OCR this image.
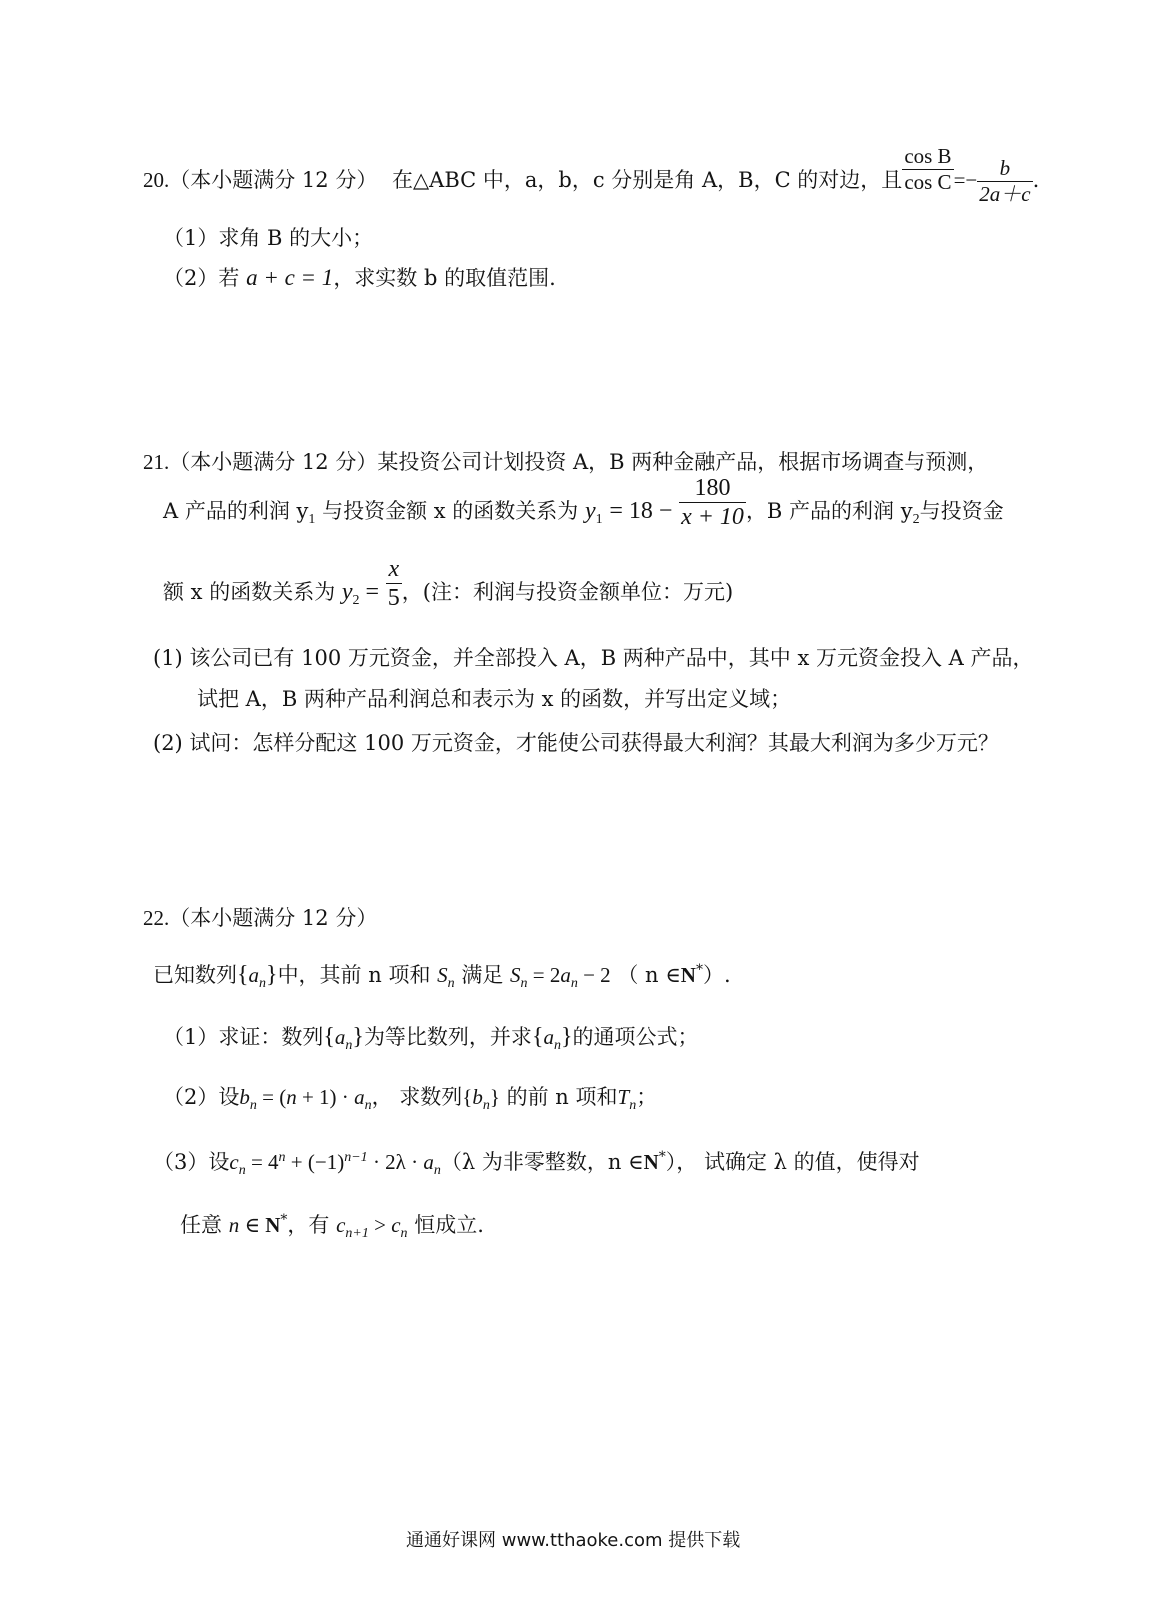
20.（本小题满分 12 分） 在△ABC 中，a，b，c 分别是角 A，B，C 的对边，且 $\frac{\text{cos B}}{\text{cos C}} =- \frac{b}{2a+c}$ .
（1）求角 B 的大小；
（2）若 a + c = 1，求实数 b 的取值范围.
21.（本小题满分 12 分）某投资公司计划投资 A，B 两种金融产品，根据市场调查与预测，
A 产品的利润 $y_1$ 与投资金额 x 的函数关系为 $y_1 = 18 - \frac{180}{x + 10}$ ，B 产品的利润 $y_2$与投资金
额 x 的函数关系为 $y_2 = \frac{x}{5}$ ，(注：利润与投资金额单位：万元)
(1) 该公司已有 100 万元资金，并全部投入 A，B 两种产品中，其中 x 万元资金投入 A 产品，
试把 A，B 两种产品利润总和表示为 x 的函数，并写出定义域；
(2) 试问：怎样分配这 100 万元资金，才能使公司获得最大利润？其最大利润为多少万元？
22.（本小题满分 12 分）
已知数列$\{a_n\}$中，其前 n 项和 $S_n$ 满足 $S_n = 2a_n - 2$ （ n ∈N*）.
（1）求证：数列$\{a_n\}$为等比数列，并求$\{a_n\}$的通项公式；
（2）设$b_n = (n + 1) \cdot a_n$， 求数列$\{b_n\}$ 的前 n 项和$T_n$；
（3）设$c_n = 4^n + (-1)^{n-1} \cdot 2\lambda \cdot a_n(\lambda$ 为非零整数，n ∈N*）， 试确定 λ 的值，使得对
任意 n ∈ N*，有 $c_{n+1} > c_n$ 恒成立.
通通好课网 www.tthaoke.com 提供下载
